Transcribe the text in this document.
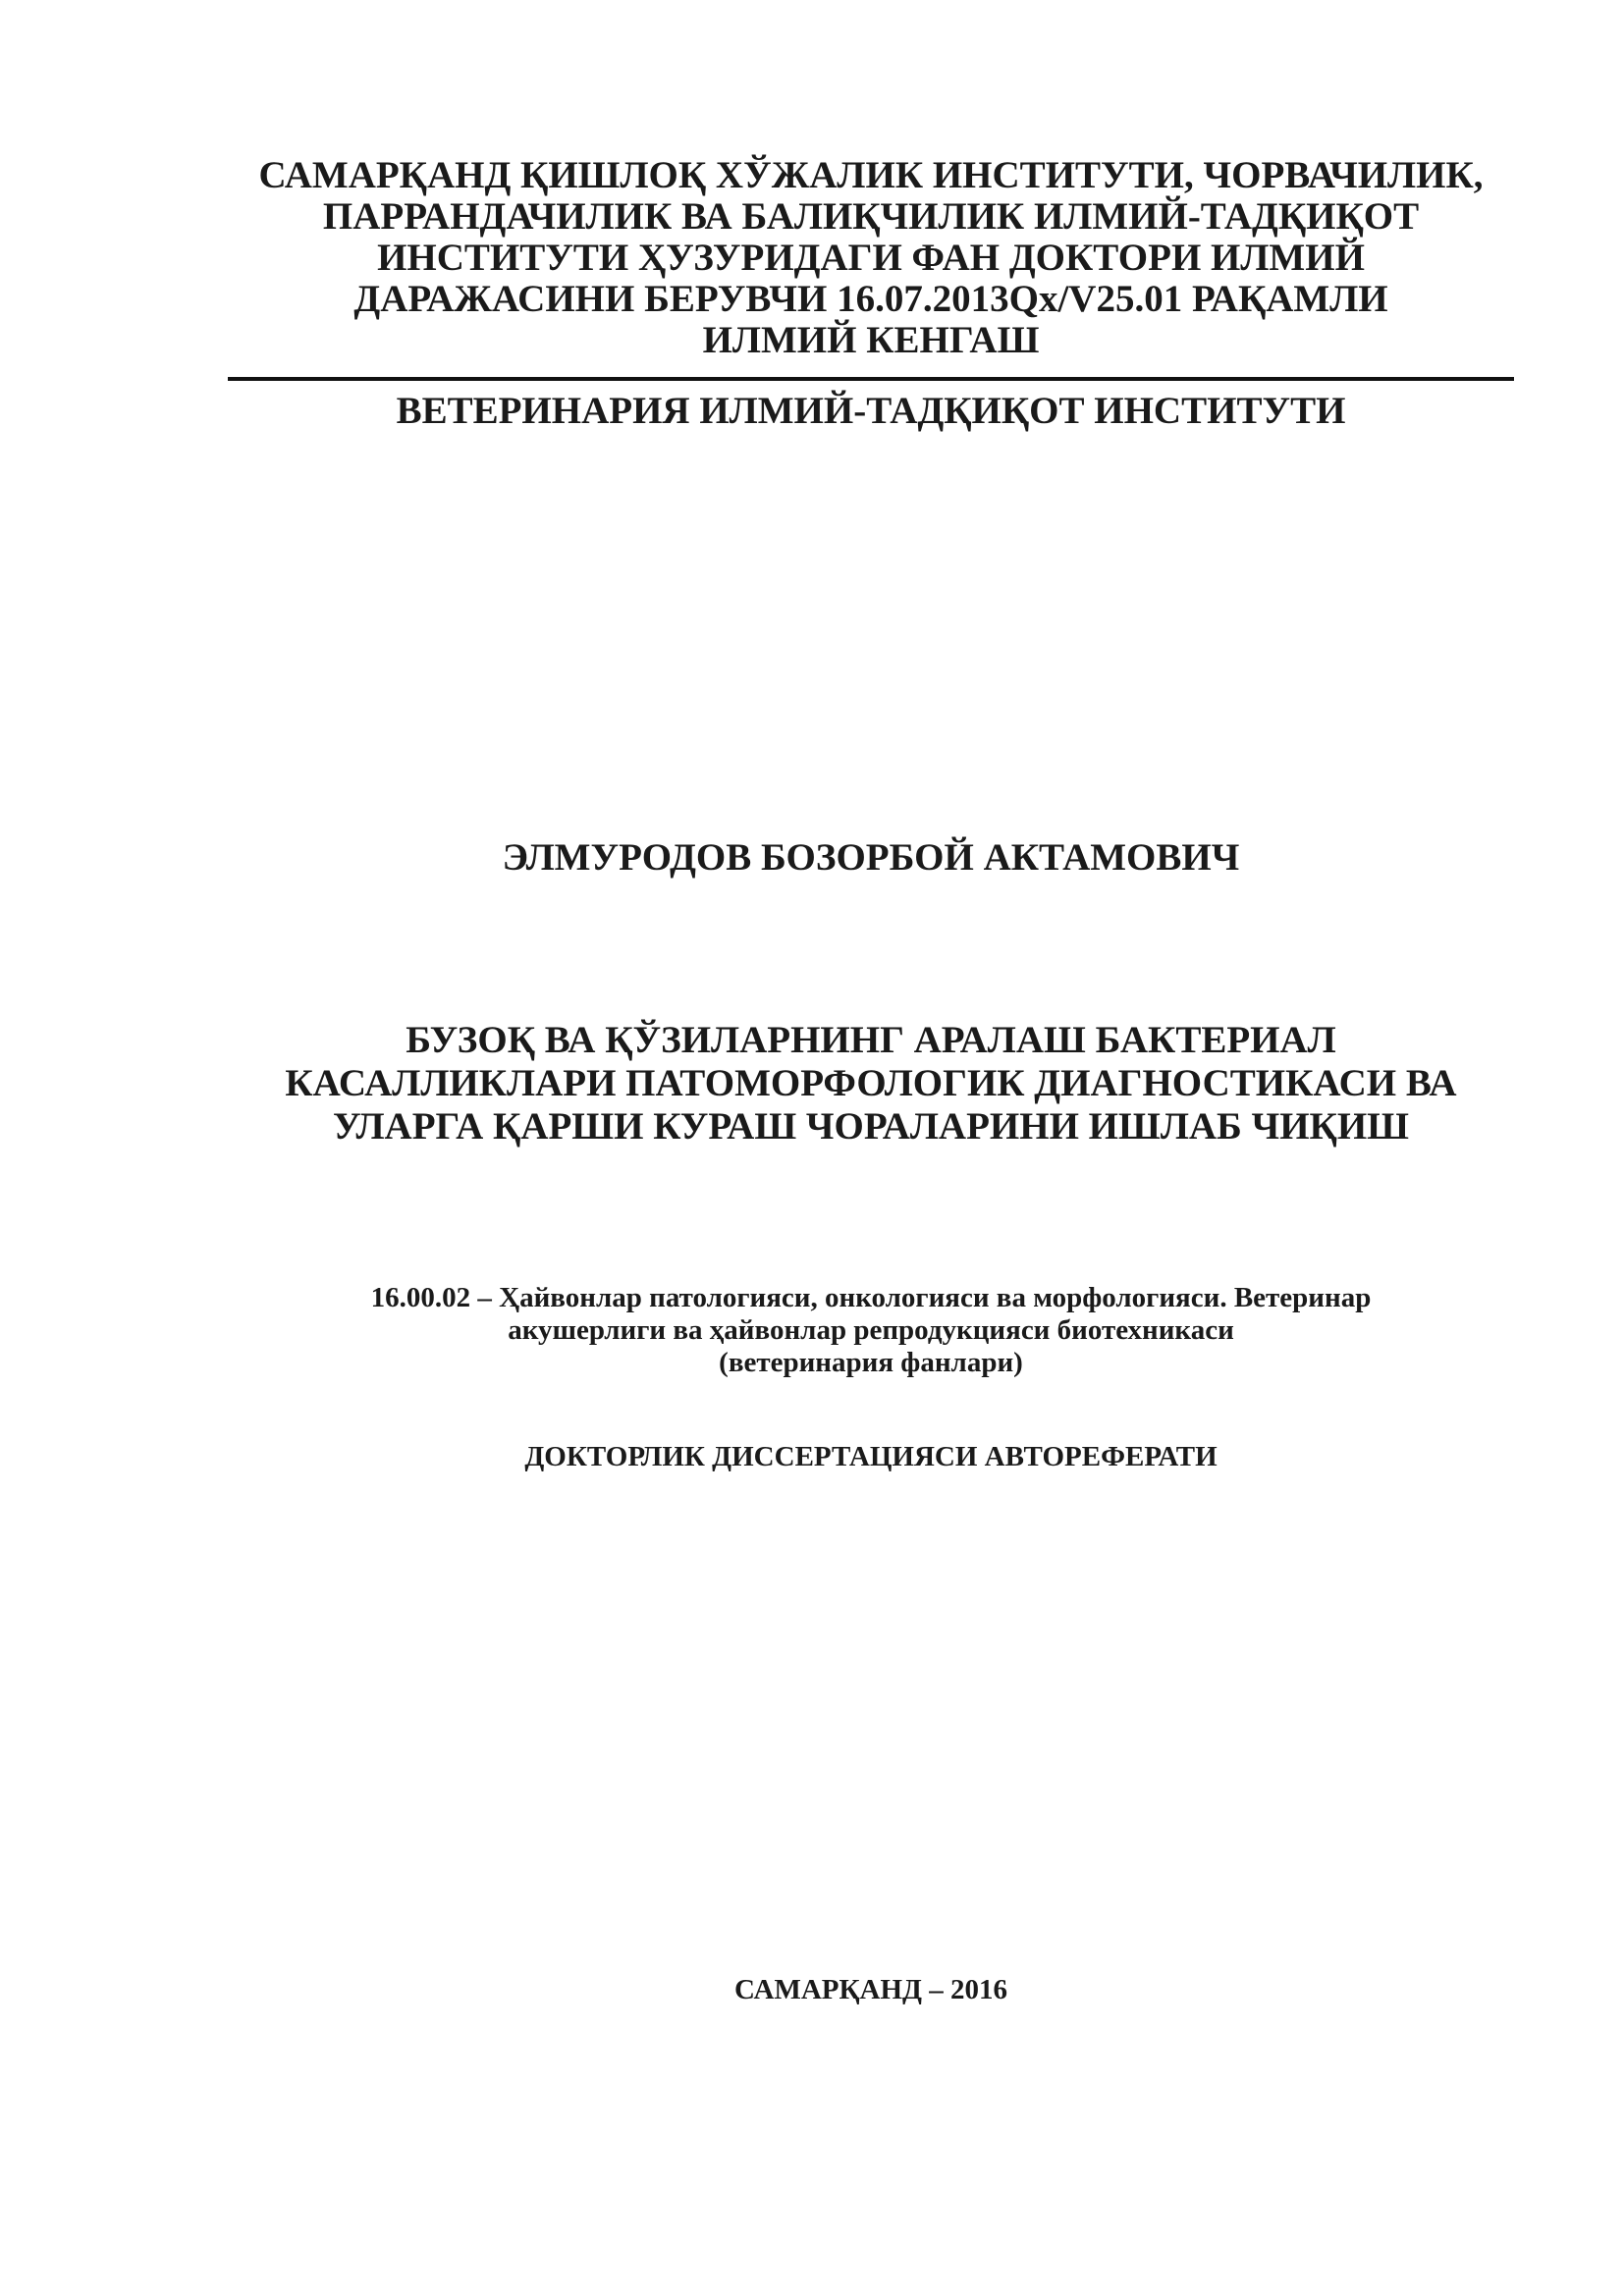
САМАРҚАНД ҚИШЛОҚ ХЎЖАЛИК ИНСТИТУТИ, ЧОРВАЧИЛИК,
ПАРРАНДАЧИЛИК ВА БАЛИҚЧИЛИК ИЛМИЙ-ТАДҚИҚОТ
ИНСТИТУТИ ҲУЗУРИДАГИ ФАН ДОКТОРИ ИЛМИЙ
ДАРАЖАСИНИ БЕРУВЧИ 16.07.2013Qx/V25.01 РАҚАМЛИ
ИЛМИЙ КЕНГАШ
ВЕТЕРИНАРИЯ ИЛМИЙ-ТАДҚИҚОТ ИНСТИТУТИ
ЭЛМУРОДОВ БОЗОРБОЙ АКТАМОВИЧ
БУЗОҚ ВА ҚЎЗИЛАРНИНГ АРАЛАШ БАКТЕРИАЛ
КАСАЛЛИКЛАРИ ПАТОМОРФОЛОГИК ДИАГНОСТИКАСИ ВА
УЛАРГА ҚАРШИ КУРАШ ЧОРАЛАРИНИ ИШЛАБ ЧИҚИШ
16.00.02 – Ҳайвонлар патологияси, онкологияси ва морфологияси. Ветеринар
акушерлиги ва ҳайвонлар репродукцияси биотехникаси
(ветеринария фанлари)
ДОКТОРЛИК ДИССЕРТАЦИЯСИ АВТОРЕФЕРАТИ
САМАРҚАНД – 2016
